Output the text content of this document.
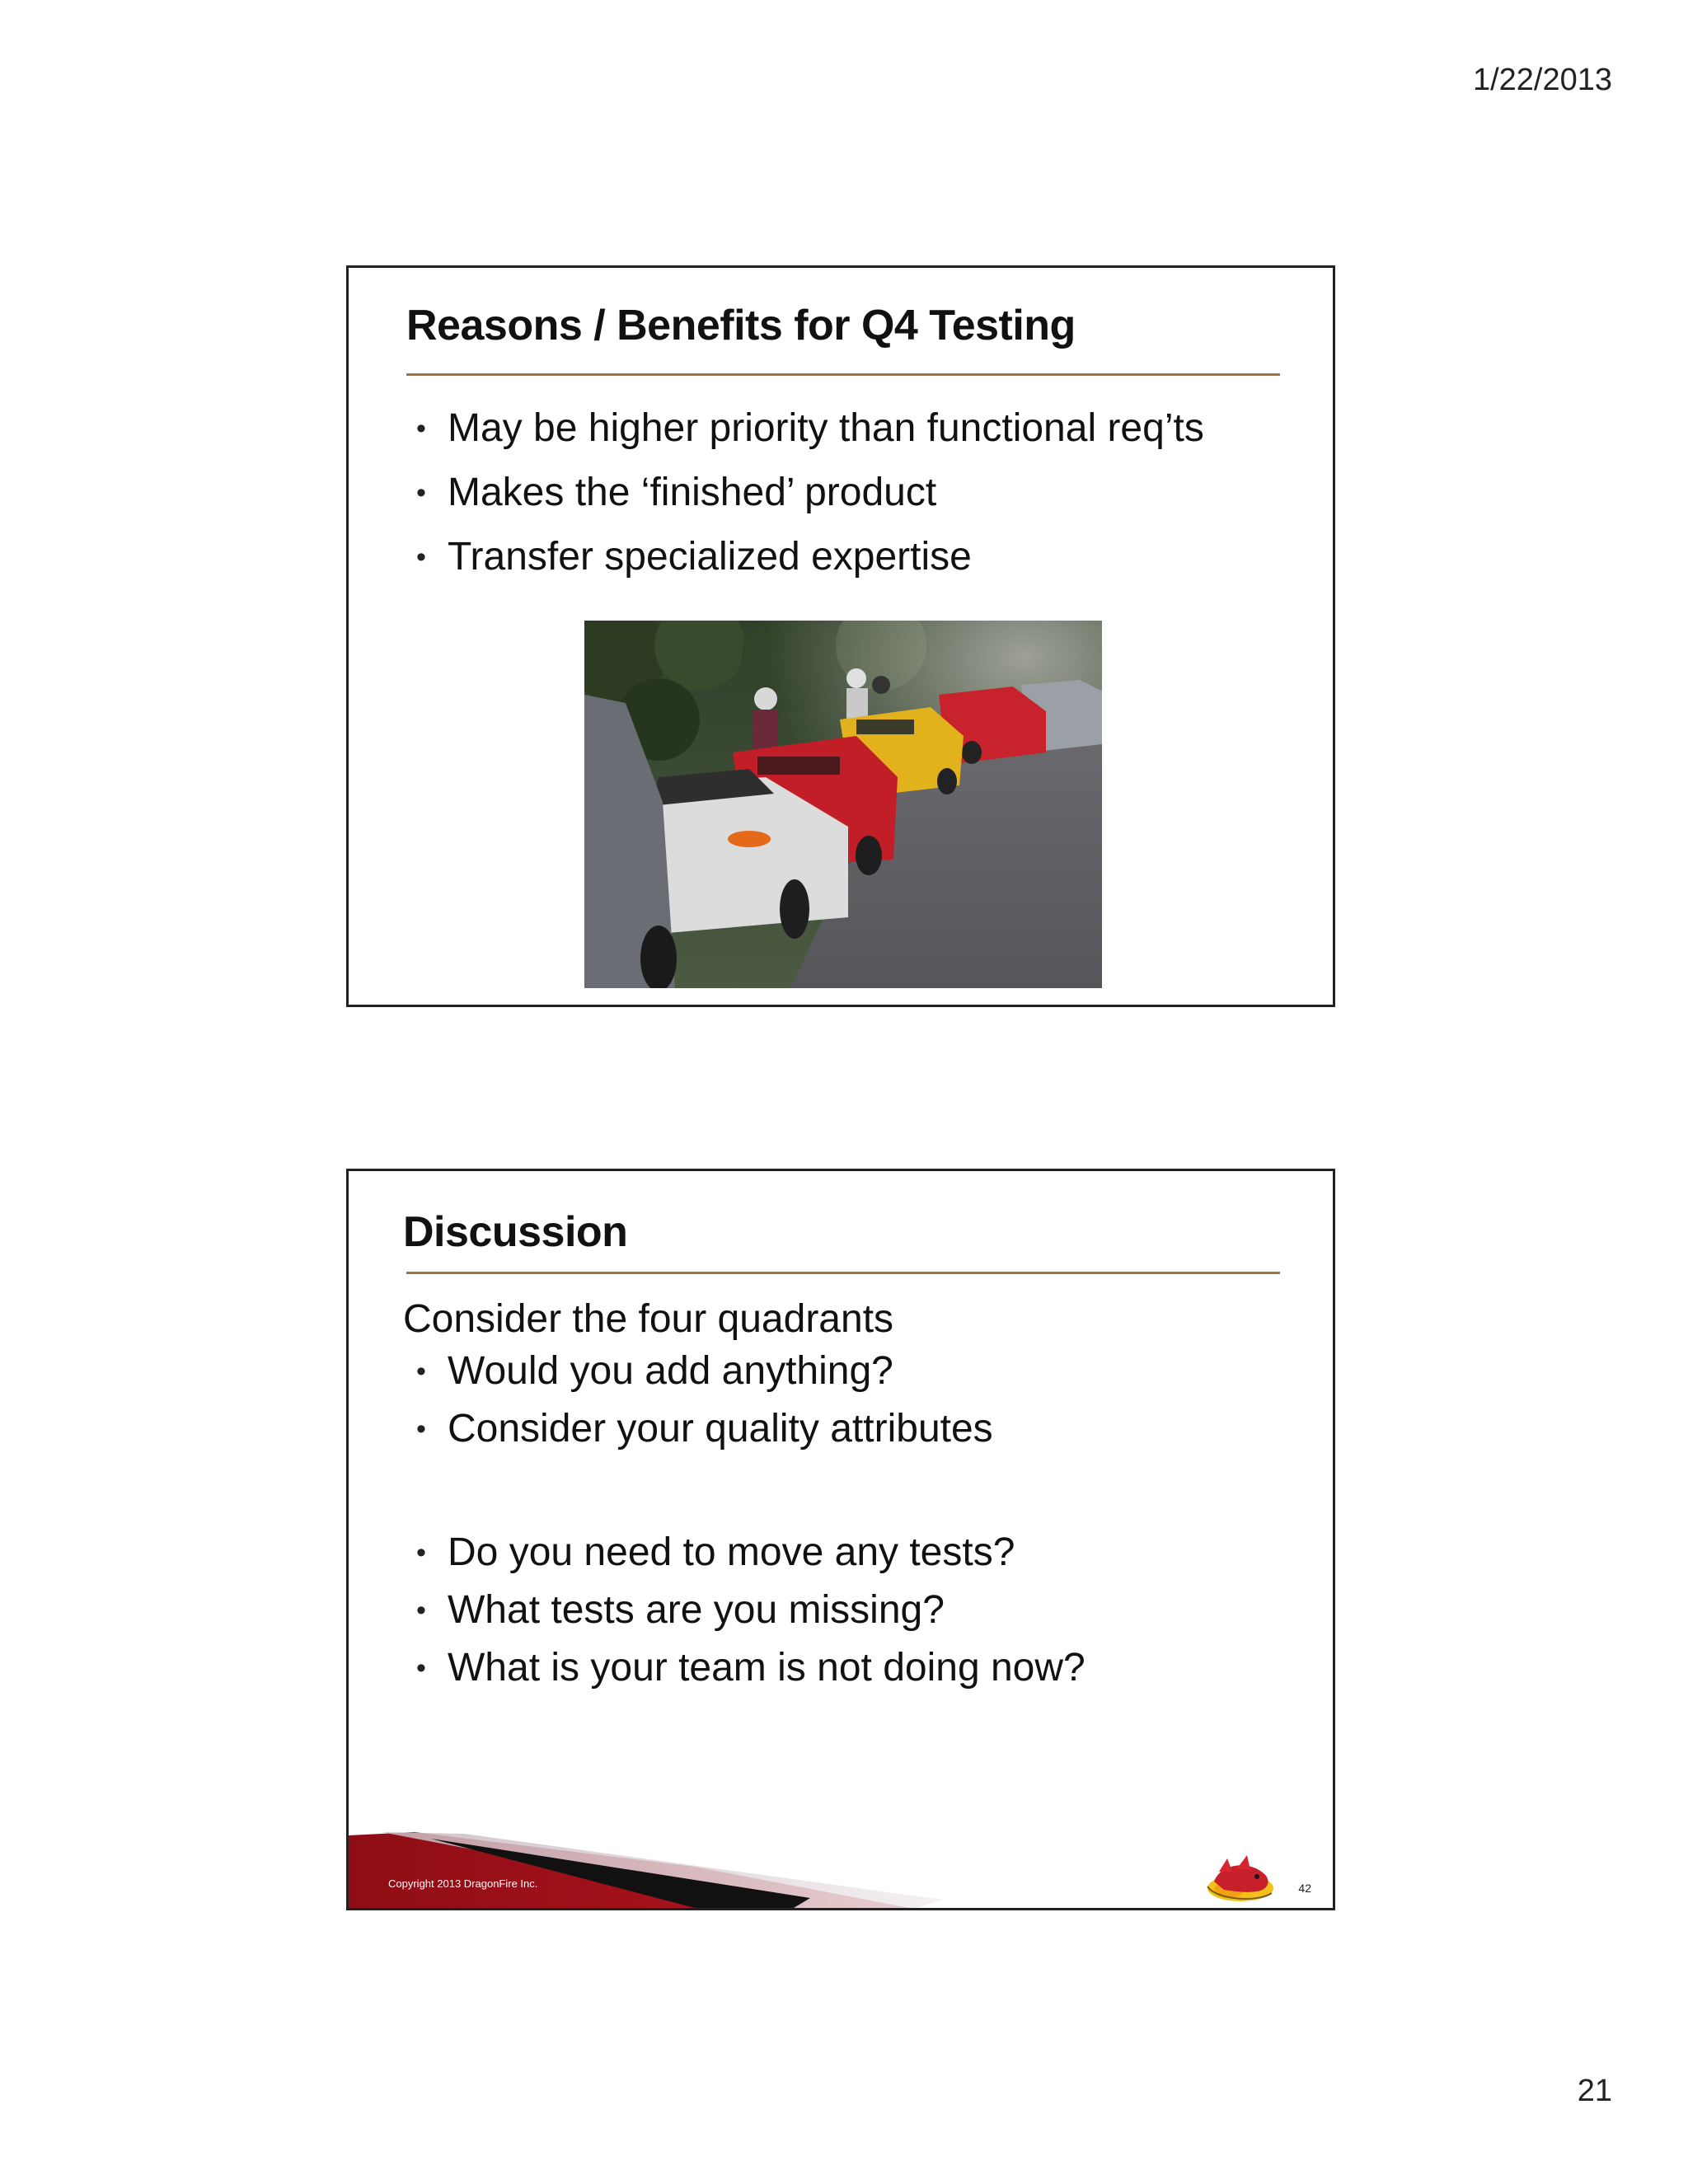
1/22/2013
Reasons / Benefits for Q4 Testing
• May be higher priority than functional req’ts
• Makes the ‘finished’ product
• Transfer specialized expertise
Discussion
Consider the four quadrants
• Would you add anything?
• Consider your quality attributes
• Do you need to move any tests?
• What tests are you missing?
• What is your team is not doing now?
Copyright 2013 DragonFire Inc.	42
21
